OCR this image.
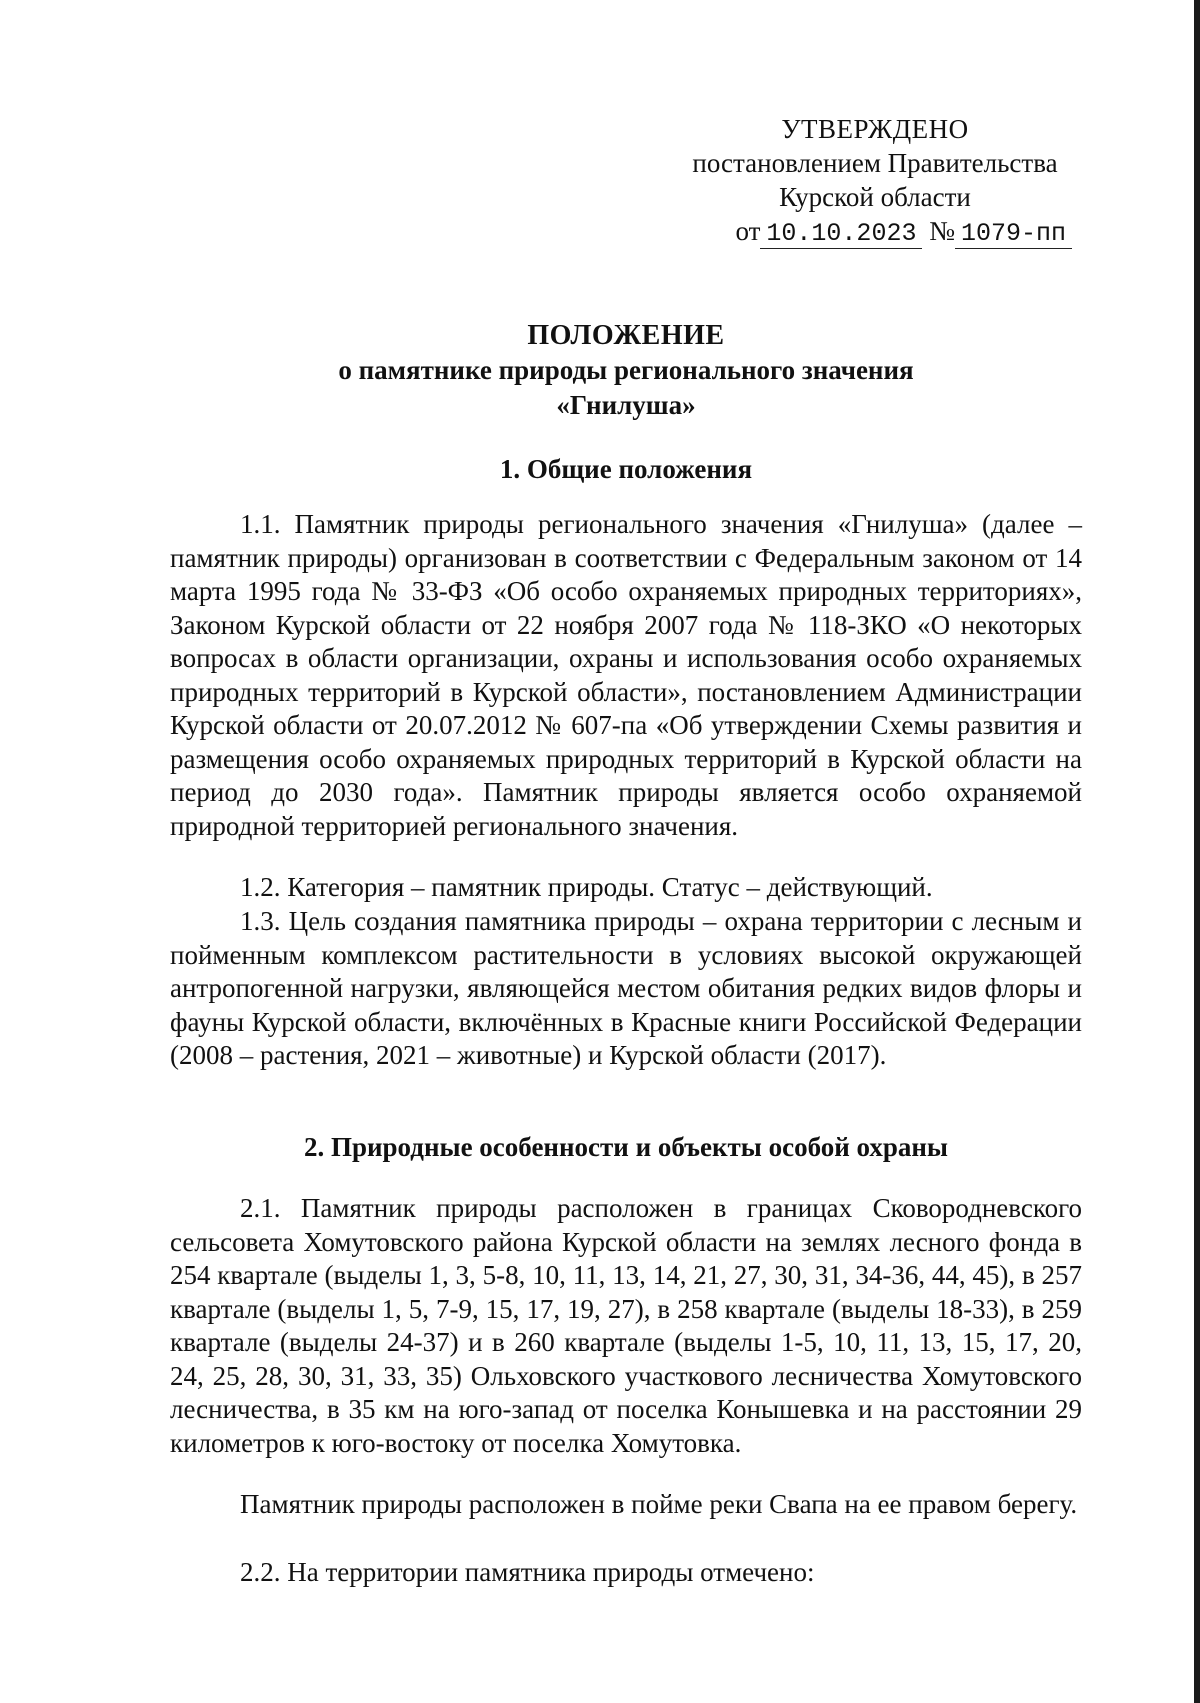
УТВЕРЖДЕНО
постановлением Правительства
Курской области
от 10.10.2023 № 1079-пп
ПОЛОЖЕНИЕ
о памятнике природы регионального значения
«Гнилуша»
1. Общие положения

1.1. Памятник природы регионального значения «Гнилуша» (далее – памятник природы) организован в соответствии с Федеральным законом от 14 марта 1995 года № 33-ФЗ «Об особо охраняемых природных территориях», Законом Курской области от 22 ноября 2007 года № 118-ЗКО «О некоторых вопросах в области организации, охраны и использования особо охраняемых природных территорий в Курской области», постановлением Администрации Курской области от 20.07.2012 № 607-па «Об утверждении Схемы развития и размещения особо охраняемых природных территорий в Курской области на период до 2030 года». Памятник природы является особо охраняемой природной территорией регионального значения.

1.2. Категория – памятник природы. Статус – действующий.

1.3. Цель создания памятника природы – охрана территории с лесным и пойменным комплексом растительности в условиях высокой окружающей антропогенной нагрузки, являющейся местом обитания редких видов флоры и фауны Курской области, включённых в Красные книги Российской Федерации (2008 – растения, 2021 – животные) и Курской области (2017).

2. Природные особенности и объекты особой охраны

2.1. Памятник природы расположен в границах Сковороднeвского сельсовета Хомутовского района Курской области на землях лесного фонда в 254 квартале (выделы 1, 3, 5-8, 10, 11, 13, 14, 21, 27, 30, 31, 34-36, 44, 45), в 257 квартале (выделы 1, 5, 7-9, 15, 17, 19, 27), в 258 квартале (выделы 18-33), в 259 квартале (выделы 24-37) и в 260 квартале (выделы 1-5, 10, 11, 13, 15, 17, 20, 24, 25, 28, 30, 31, 33, 35) Ольховского участкового лесничества Хомутовского лесничества, в 35 км на юго-запад от поселка Конышевка и на расстоянии 29 километров к юго-востоку от поселка Хомутовка.

Памятник природы расположен в пойме реки Свапа на ее правом берегу.

2.2. На территории памятника природы отмечено:
